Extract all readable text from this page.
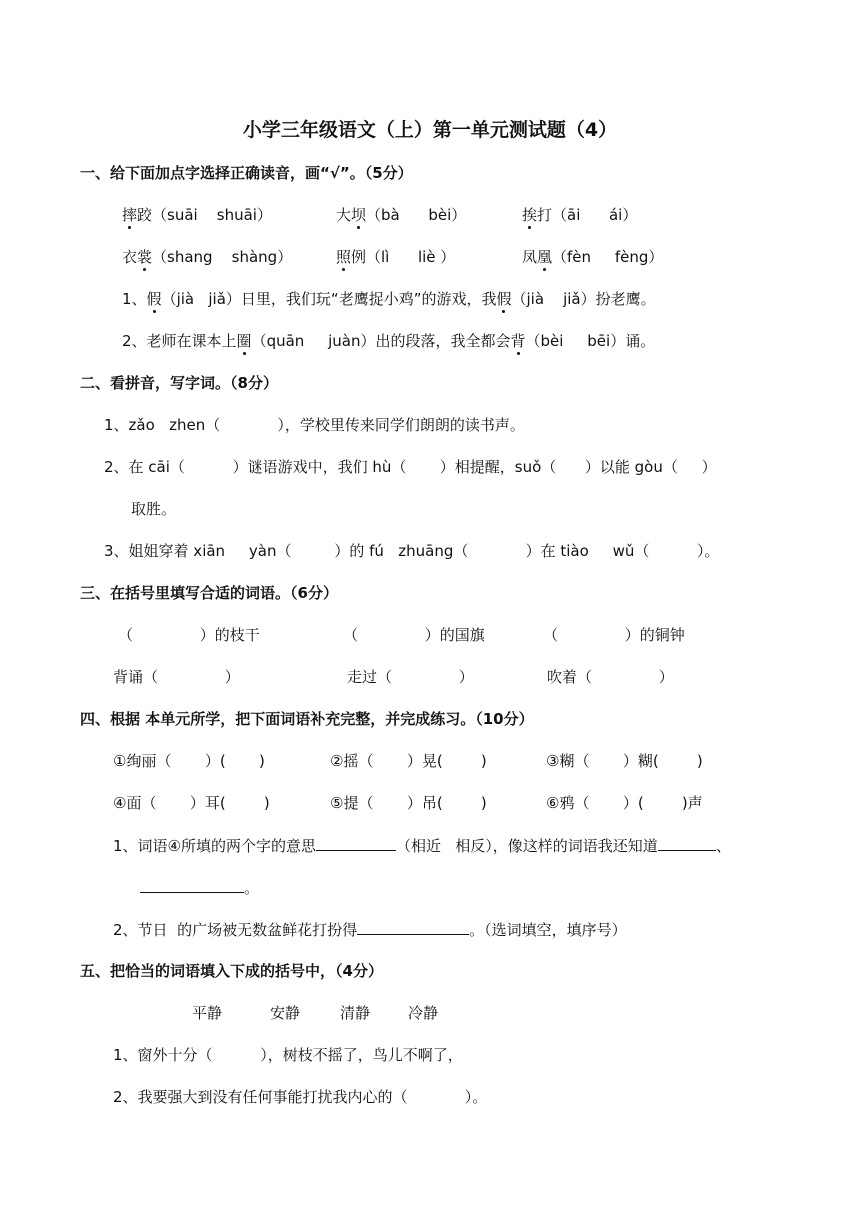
小学三年级语文（上）第一单元测试题（4）
一、给下面加点字选择正确读音，画“√”。（5分）
摔跤（suāi    shuāi）	大坝（bà      bèi）	挨打（āi      ái）
衣裳（shang    shàng）	照例（lì      liè ）	凤凰（fèn     fèng）
1、假（jià   jiǎ）日里，我们玩“老鹰捉小鸡”的游戏，我假（jià    jiǎ）扮老鹰。
2、老师在课本上圈（quān     juàn）出的段落，我全都会背（bèi     bēi）诵。
二、看拼音，写字词。（8分）
1、zǎo   zhen（            ），学校里传来同学们朗朗的读书声。
2、在 cāi（          ）谜语游戏中，我们 hù（       ）相提醒，suǒ（      ）以能 gòu（     ）
取胜。
3、姐姐穿着 xiān     yàn（         ）的 fú   zhuāng（            ）在 tiào     wǔ（          ）。
三、在括号里填写合适的词语。（6分）
（              ）的枝干	（              ）的国旗	（              ）的铜钟
背诵（              ）	走过（              ）	吹着（              ）
四、根据 本单元所学，把下面词语补充完整，并完成练习。（10分）
①绚丽（       ）(       )	②摇（       ）晃(        )	③糊（       ）糊(        )
④面（       ）耳(        )	⑤提（       ）吊(        )	⑥鸦（       ）(        )声
1、词语④所填的两个字的意思	（相近   相反），像这样的词语我还知道	、
。
2、节日  的广场被无数盆鲜花打扮得	。（选词填空，填序号）
五、把恰当的词语填入下成的括号中，（4分）
平静	安静	清静	冷静
1、窗外十分（          ），树枝不摇了，鸟儿不啊了，
2、我要强大到没有任何事能打扰我内心的（            ）。
